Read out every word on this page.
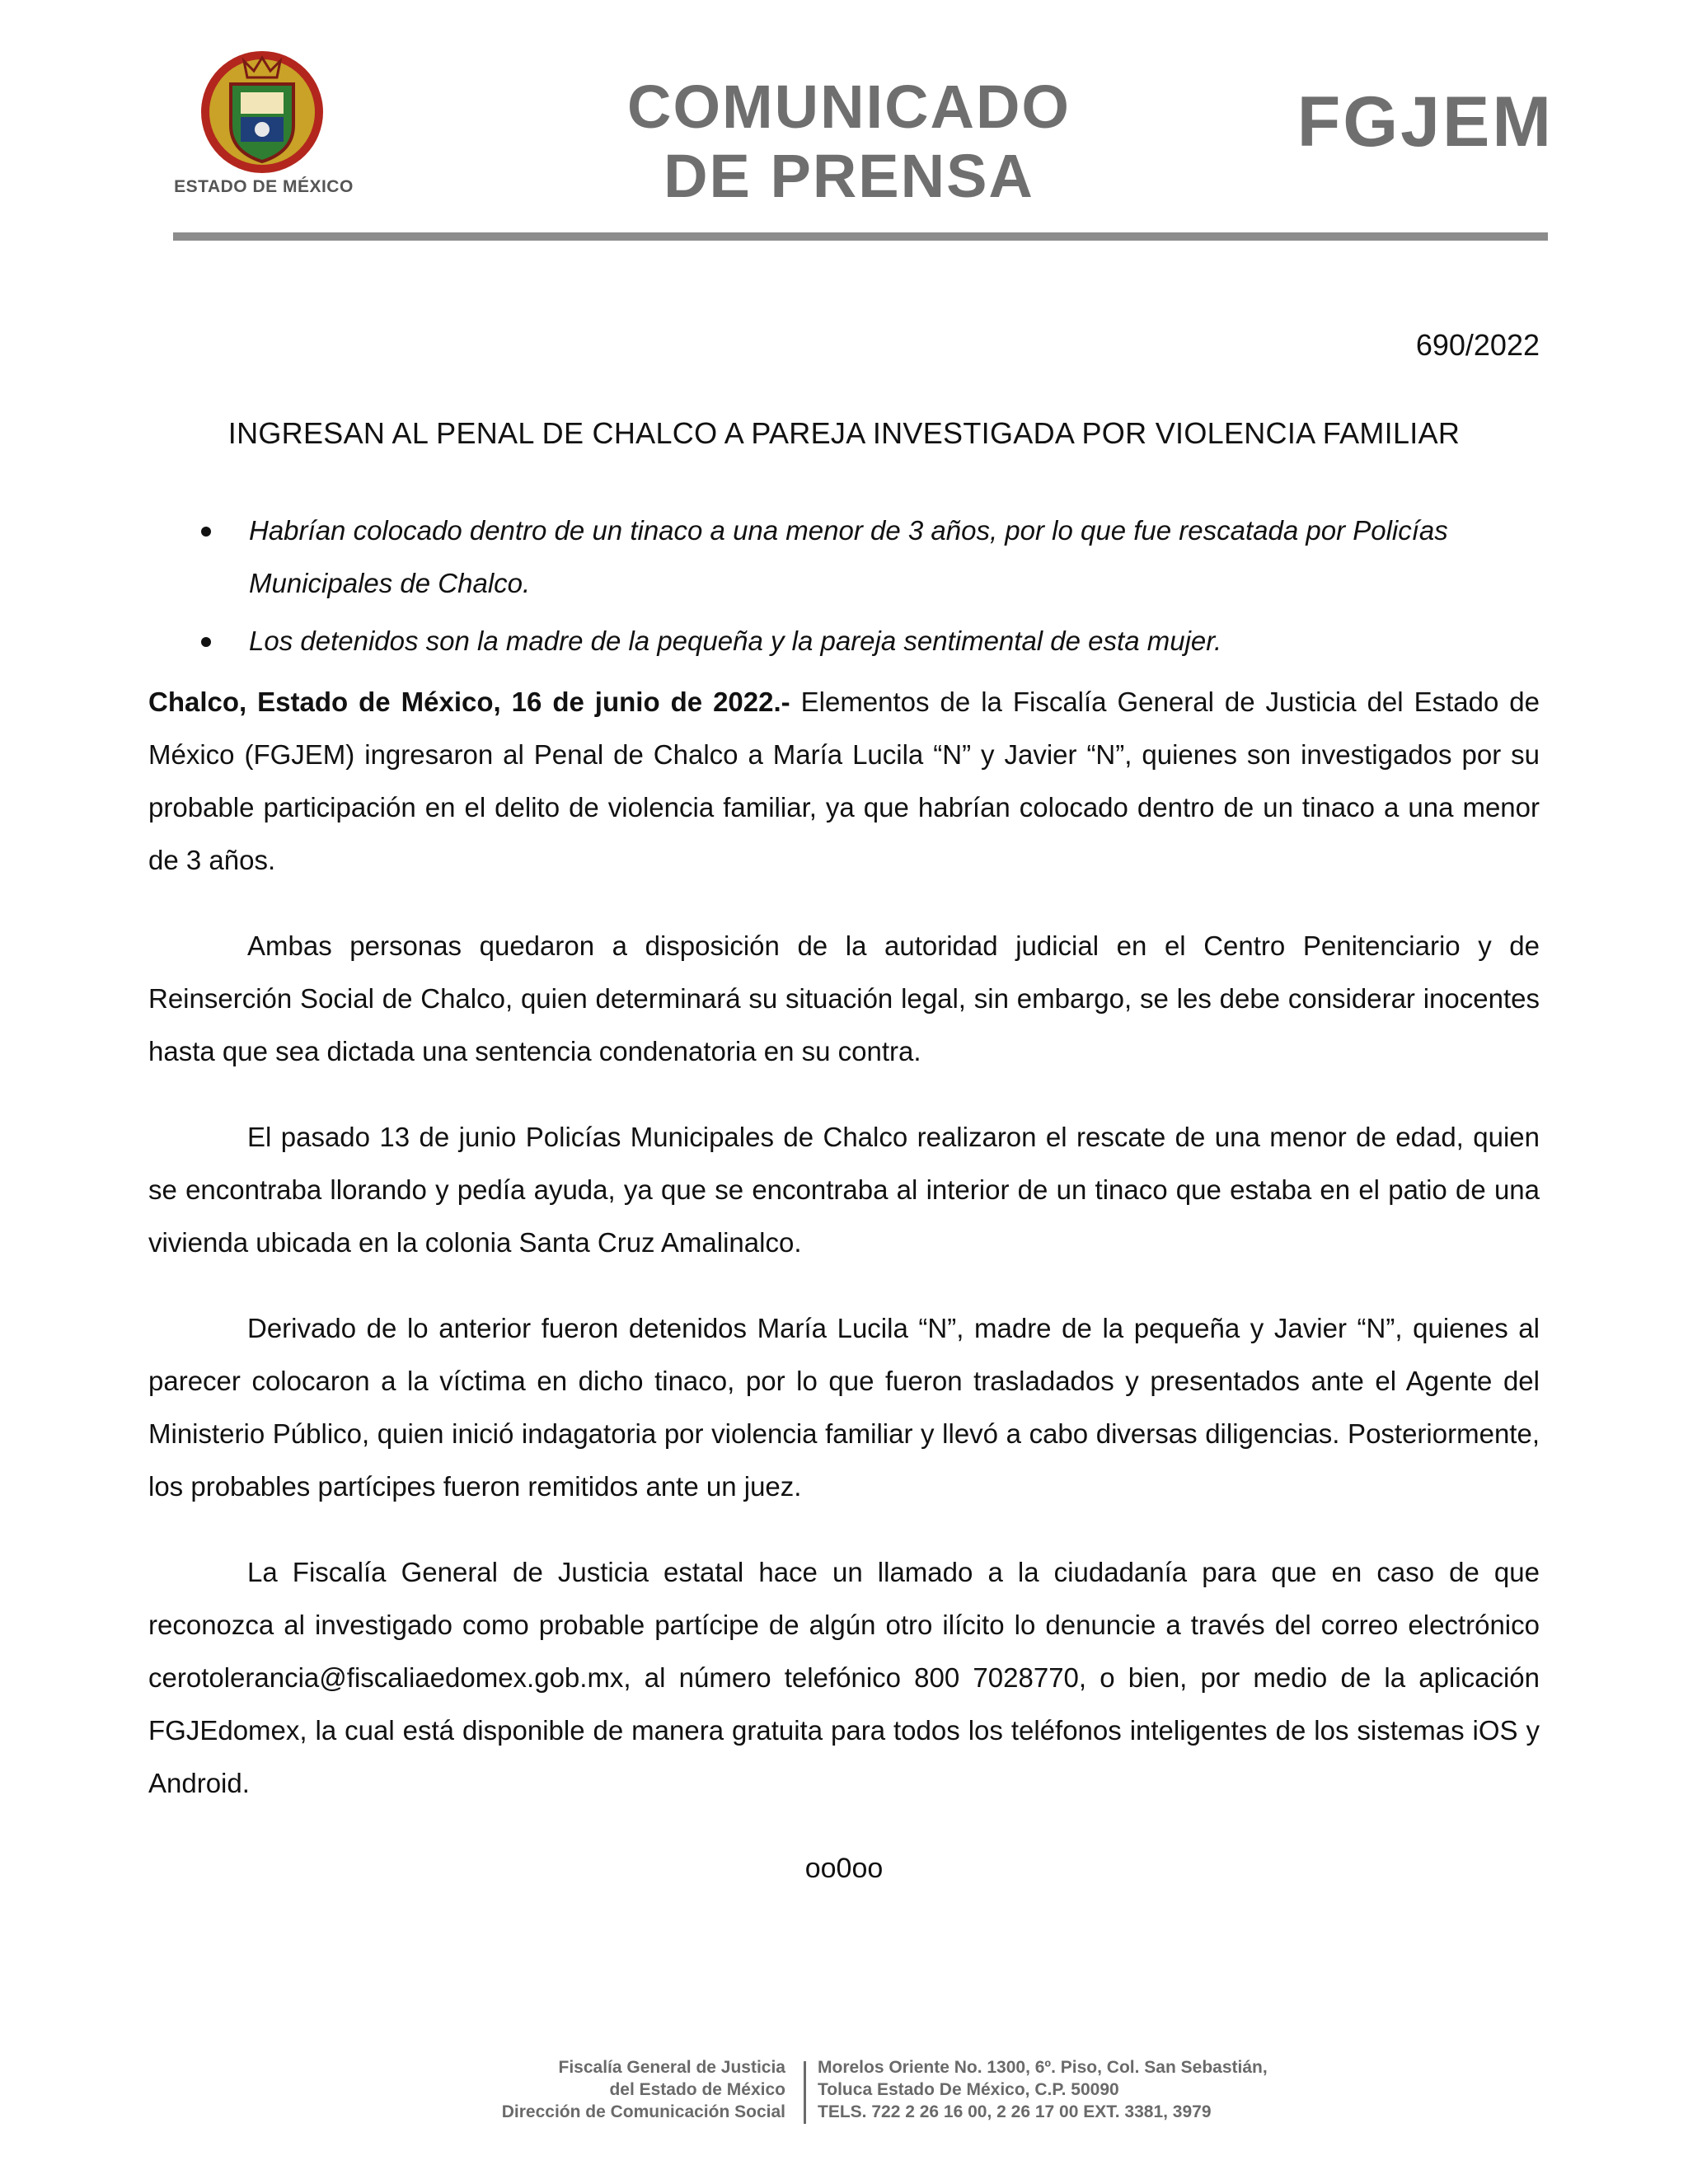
ESTADO DE MÉXICO
COMUNICADO
DE PRENSA
FGJEM
690/2022
INGRESAN AL PENAL DE CHALCO A PAREJA INVESTIGADA POR VIOLENCIA FAMILIAR
Habrían colocado dentro de un tinaco a una menor de 3 años, por lo que fue rescatada por Policías Municipales de Chalco.
Los detenidos son la madre de la pequeña y la pareja sentimental de esta mujer.

Chalco, Estado de México, 16 de junio de 2022.- Elementos de la Fiscalía General de Justicia del Estado de México (FGJEM) ingresaron al Penal de Chalco a María Lucila “N” y Javier “N”, quienes son investigados por su probable participación en el delito de violencia familiar, ya que habrían colocado dentro de un tinaco a una menor de 3 años.

Ambas personas quedaron a disposición de la autoridad judicial en el Centro Penitenciario y de Reinserción Social de Chalco, quien determinará su situación legal, sin embargo, se les debe considerar inocentes hasta que sea dictada una sentencia condenatoria en su contra.

El pasado 13 de junio Policías Municipales de Chalco realizaron el rescate de una menor de edad, quien se encontraba llorando y pedía ayuda, ya que se encontraba al interior de un tinaco que estaba en el patio de una vivienda ubicada en la colonia Santa Cruz Amalinalco.

Derivado de lo anterior fueron detenidos María Lucila “N”, madre de la pequeña y Javier “N”, quienes al parecer colocaron a la víctima en dicho tinaco, por lo que fueron trasladados y presentados ante el Agente del Ministerio Público, quien inició indagatoria por violencia familiar y llevó a cabo diversas diligencias. Posteriormente, los probables partícipes fueron remitidos ante un juez.

La Fiscalía General de Justicia estatal hace un llamado a la ciudadanía para que en caso de que reconozca al investigado como probable partícipe de algún otro ilícito lo denuncie a través del correo electrónico cerotolerancia@fiscaliaedomex.gob.mx, al número telefónico 800 7028770, o bien, por medio de la aplicación FGJEdomex, la cual está disponible de manera gratuita para todos los teléfonos inteligentes de los sistemas iOS y Android.

oo0oo
Fiscalía General de Justicia
del Estado de México
Dirección de Comunicación Social
Morelos Oriente No. 1300, 6º. Piso, Col. San Sebastián,
Toluca Estado De México, C.P. 50090
TELS. 722 2 26 16 00, 2 26 17 00 EXT. 3381, 3979
